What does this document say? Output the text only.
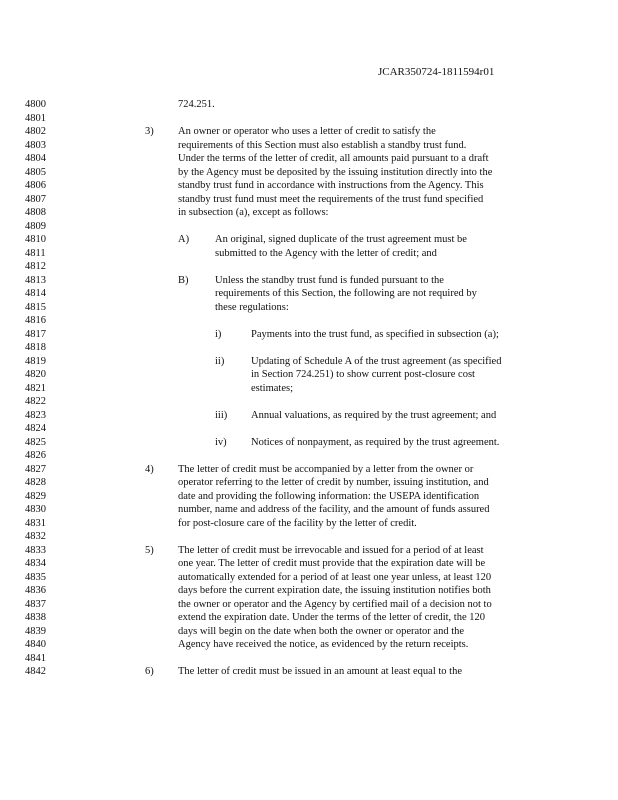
JCAR350724-1811594r01
4800
4801
4802
4803
4804
4805
4806
4807
4808
4809
4810
4811
4812
4813
4814
4815
4816
4817
4818
4819
4820
4821
4822
4823
4824
4825
4826
4827
4828
4829
4830
4831
4832
4833
4834
4835
4836
4837
4838
4839
4840
4841
4842
724.251.
3) An owner or operator who uses a letter of credit to satisfy the
requirements of this Section must also establish a standby trust fund.
Under the terms of the letter of credit, all amounts paid pursuant to a draft
by the Agency must be deposited by the issuing institution directly into the
standby trust fund in accordance with instructions from the Agency. This
standby trust fund must meet the requirements of the trust fund specified
in subsection (a), except as follows:
A) An original, signed duplicate of the trust agreement must be
submitted to the Agency with the letter of credit; and
B)	Unless the standby trust fund is funded pursuant to the
requirements of this Section, the following are not required by
these regulations:
i)	Payments into the trust fund, as specified in subsection (a);
ii)	Updating of Schedule A of the trust agreement (as specified
in Section 724.251) to show current post-closure cost
estimates;
iii) Annual valuations, as required by the trust agreement; and
iv) Notices of nonpayment, as required by the trust agreement.
4) The letter of credit must be accompanied by a letter from the owner or
operator referring to the letter of credit by number, issuing institution, and
date and providing the following information: the USEPA identification
number, name and address of the facility, and the amount of funds assured
for post-closure care of the facility by the letter of credit.
5) The letter of credit must be irrevocable and issued for a period of at least
one year. The letter of credit must provide that the expiration date will be
automatically extended for a period of at least one year unless, at least 120
days before the current expiration date, the issuing institution notifies both
the owner or operator and the Agency by certified mail of a decision not to
extend the expiration date. Under the terms of the letter of credit, the 120
days will begin on the date when both the owner or operator and the
Agency have received the notice, as evidenced by the return receipts.
6) The letter of credit must be issued in an amount at least equal to the
